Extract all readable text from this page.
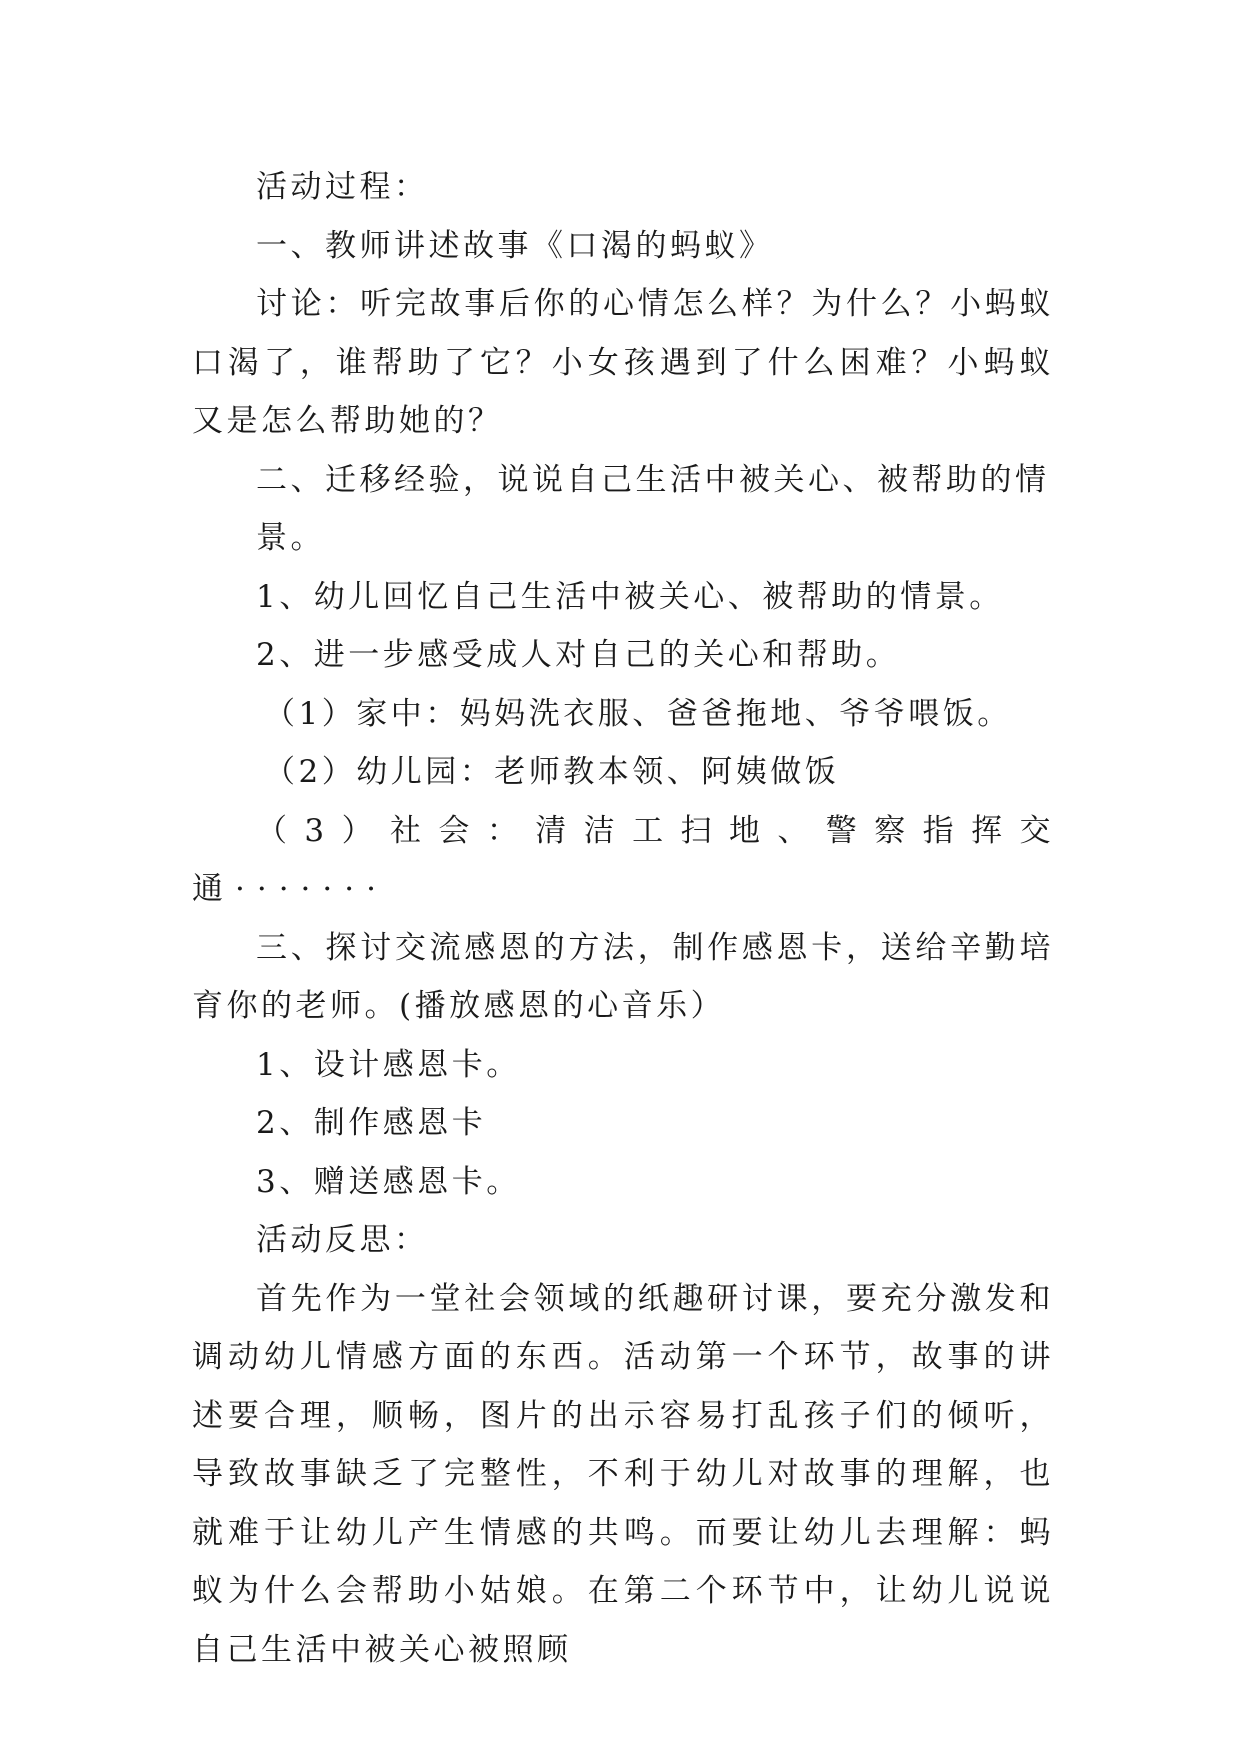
活动过程：
一、教师讲述故事《口渴的蚂蚁》

讨论：听完故事后你的心情怎么样？为什么？小蚂蚁口渴了，谁帮助了它？小女孩遇到了什么困难？小蚂蚁又是怎么帮助她的？

二、迁移经验，说说自己生活中被关心、被帮助的情景。
1、幼儿回忆自己生活中被关心、被帮助的情景。
2、进一步感受成人对自己的关心和帮助。
（1）家中：妈妈洗衣服、爸爸拖地、爷爷喂饭。
（2）幼儿园：老师教本领、阿姨做饭
（3）社会：清洁工扫地、警察指挥交
通·······

三、探讨交流感恩的方法，制作感恩卡，送给辛勤培育你的老师。(播放感恩的心音乐）

1、设计感恩卡。
2、制作感恩卡
3、赠送感恩卡。
活动反思：

首先作为一堂社会领域的纸趣研讨课，要充分激发和调动幼儿情感方面的东西。活动第一个环节，故事的讲述要合理，顺畅，图片的出示容易打乱孩子们的倾听，导致故事缺乏了完整性，不利于幼儿对故事的理解，也就难于让幼儿产生情感的共鸣。而要让幼儿去理解：蚂蚁为什么会帮助小姑娘。在第二个环节中，让幼儿说说自己生活中被关心被照顾
